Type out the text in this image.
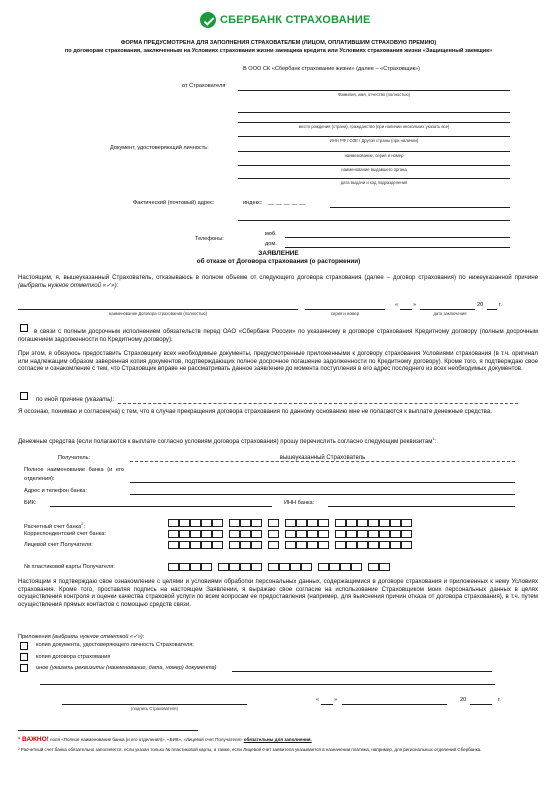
СБЕРБАНК СТРАХОВАНИЕ
ФОРМА ПРЕДУСМОТРЕНА ДЛЯ ЗАПОЛНЕНИЯ СТРАХОВАТЕЛЕМ (ЛИЦОМ, ОПЛАТИВШИМ СТРАХОВУЮ ПРЕМИЮ)
по договорам страхования, заключенным на Условиях страхования жизни заемщика кредита или Условиях страхования жизни «Защищенный заемщик»
В ООО СК «Сбербанк страхование жизни» (далее – «Страховщик»)
от Страхователя
Фамилия, имя, отчество (полностью)
место рождения (страна), гражданство (при наличии нескольких указать все)
ИНН РФ / ОЗЕ / Другой страны (при наличии)
Документ, удостоверяющий личность:
наименование, серия и номер
наименование выдавшего органа
дата выдачи и код подразделения
Фактический (почтовый) адрес:	индекс: __ __ __ __ __
Телефоны:
моб.
дом.
ЗАЯВЛЕНИЕ
об отказе от Договора страхования (о расторжении)
Настоящим, я, вышеуказанный Страхователь, отказываюсь в полном объеме от следующего договора страхования (далее – договор страхования) по нижеуказанной причине (выбрать нужное отметкой «✓»):
наименование Договора страхования (полностью)	серия и номер
«	»	20	г.
дата заключения
в связи с полным досрочным исполнением обязательств перед ОАО «Сбербанк России» по указанному в договоре страхования Кредитному договору (полным досрочным погашением задолженности по Кредитному договору).
При этом, я обязуюсь предоставить Страховщику всех необходимые документы, предусмотренные приложенными к договору страхования Условиями страхования (в т.ч. оригинал или надлежащим образом заверенная копия документов, подтверждающих полное досрочное погашение задолженности по Кредитному договору). Кроме того, я подтверждаю свое согласие и ознакомление с тем, что Страховщик вправе не рассматривать данное заявление до момента поступления в его адрес последнего из всех необходимых документов.
по иной причине (указать):
Я осознаю, понимаю и согласен(на) с тем, что в случае прекращения договора страхования по данному основанию мне не полагаются к выплате денежные средства.
Денежные средства (если полагаются к выплате согласно условиям договора страхования) прошу перечислить согласно следующим реквизитам$^1$:
Получатель:	вышеуказанный Страхователь
Полное наименование банка (и его отделения):
Адрес и телефон банка:
БИК:	ИНН банка:
Расчетный счет банка$^2$:
Корреспондентский счет банка:
Лицевой счет Получателя:
№ пластиковой карты Получателя:
Настоящим я подтверждаю свое ознакомление с целями и условиями обработки персональных данных, содержащимися в договоре страхования и приложенных к нему Условиях страхования. Кроме того, проставляя подпись на настоящем Заявлении, я выражаю свое согласие на использование Страховщиком моих персональных данных в целях осуществления контроля и оценки качества страховой услуги по всем вопросам ее предоставления (например, для выяснения причин отказа от договора страхования), в т.ч. путем осуществления прямых контактов с помощью средств связи.
Приложения (выбрать нужное отметкой «✓»):
копия документа, удостоверяющего личность Страхователя;
копия договора страхования
иное (указать реквизиты (наименование, дата, номер) документа)
(подпись Страхователя)
«	»	20	г.
¹ ВАЖНО! поля «Полное наименование банка (и его отделения)», «БИК», «Лицевой счет Получателя» обязательны для заполнения.
² Расчетный счет банка обязательно заполняется, если указан только № пластиковой карты, а также, если Лицевой счет заявителя указывается в назначении платежа, например, для региональных отделений Сбербанка.
